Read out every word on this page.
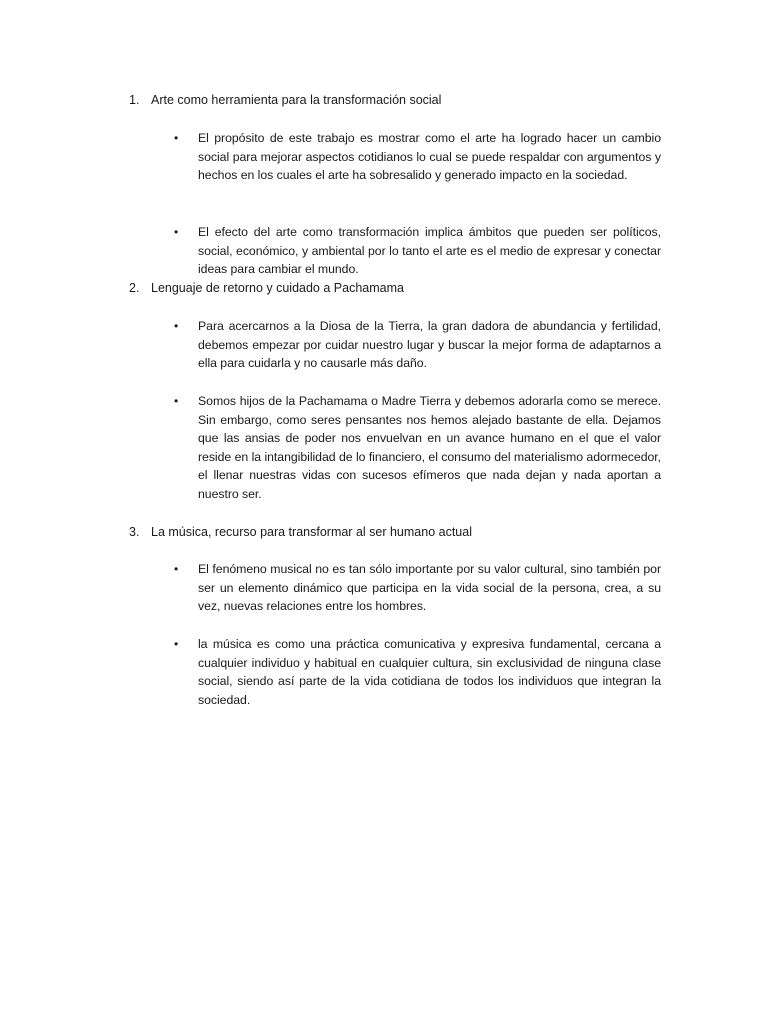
1. Arte como herramienta para la transformación social
• El propósito de este trabajo es mostrar como el arte ha logrado hacer un cambio social para mejorar aspectos cotidianos lo cual se puede respaldar con argumentos y hechos en los cuales el arte ha sobresalido y generado impacto en la sociedad.
• El efecto del arte como transformación implica ámbitos que pueden ser políticos, social, económico, y ambiental por lo tanto el arte es el medio de expresar y conectar ideas para cambiar el mundo.
2. Lenguaje de retorno y cuidado a Pachamama
• Para acercarnos a la Diosa de la Tierra, la gran dadora de abundancia y fertilidad, debemos empezar por cuidar nuestro lugar y buscar la mejor forma de adaptarnos a ella para cuidarla y no causarle más daño.
• Somos hijos de la Pachamama o Madre Tierra y debemos adorarla como se merece. Sin embargo, como seres pensantes nos hemos alejado bastante de ella. Dejamos que las ansias de poder nos envuelvan en un avance humano en el que el valor reside en la intangibilidad de lo financiero, el consumo del materialismo adormecedor, el llenar nuestras vidas con sucesos efímeros que nada dejan y nada aportan a nuestro ser.
3. La música, recurso para transformar al ser humano actual
• El fenómeno musical no es tan sólo importante por su valor cultural, sino también por ser un elemento dinámico que participa en la vida social de la persona, crea, a su vez, nuevas relaciones entre los hombres.
• la música es como una práctica comunicativa y expresiva fundamental, cercana a cualquier individuo y habitual en cualquier cultura, sin exclusividad de ninguna clase social, siendo así parte de la vida cotidiana de todos los individuos que integran la sociedad.
